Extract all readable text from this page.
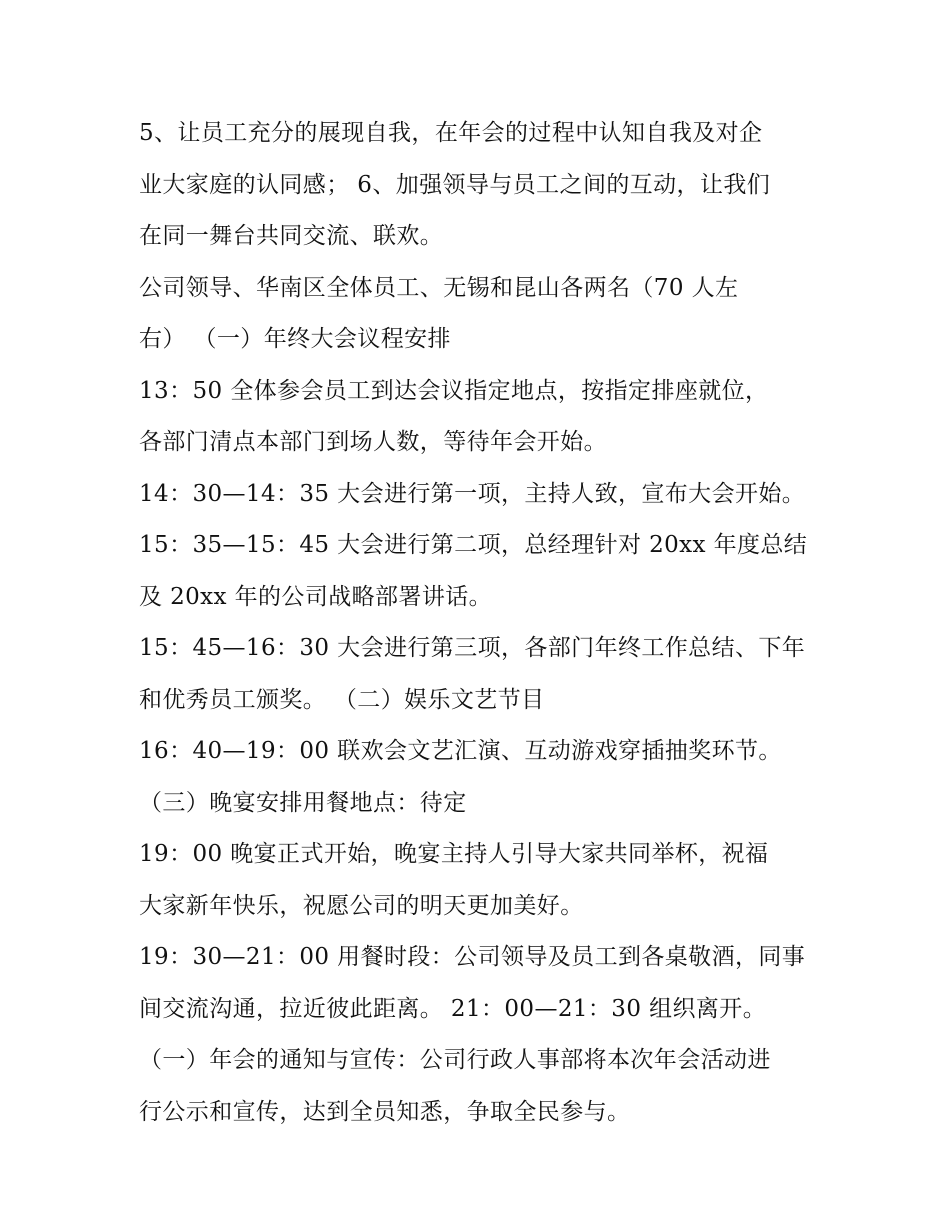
5、让员工充分的展现自我，在年会的过程中认知自我及对企
业大家庭的认同感； 6、加强领导与员工之间的互动，让我们
在同一舞台共同交流、联欢。
公司领导、华南区全体员工、无锡和昆山各两名（70 人左
右） （一）年终大会议程安排
13：50 全体参会员工到达会议指定地点，按指定排座就位，
各部门清点本部门到场人数，等待年会开始。
14：30—14：35 大会进行第一项，主持人致，宣布大会开始。
15：35—15：45 大会进行第二项，总经理针对 20xx 年度总结
及 20xx 年的公司战略部署讲话。
15：45—16：30 大会进行第三项，各部门年终工作总结、下年
和优秀员工颁奖。 （二）娱乐文艺节目
16：40—19：00 联欢会文艺汇演、互动游戏穿插抽奖环节。
（三）晚宴安排用餐地点：待定
19：00 晚宴正式开始，晚宴主持人引导大家共同举杯，祝福
大家新年快乐，祝愿公司的明天更加美好。
19：30—21：00 用餐时段：公司领导及员工到各桌敬酒，同事
间交流沟通，拉近彼此距离。 21：00—21：30 组织离开。
（一）年会的通知与宣传：公司行政人事部将本次年会活动进
行公示和宣传，达到全员知悉，争取全民参与。
